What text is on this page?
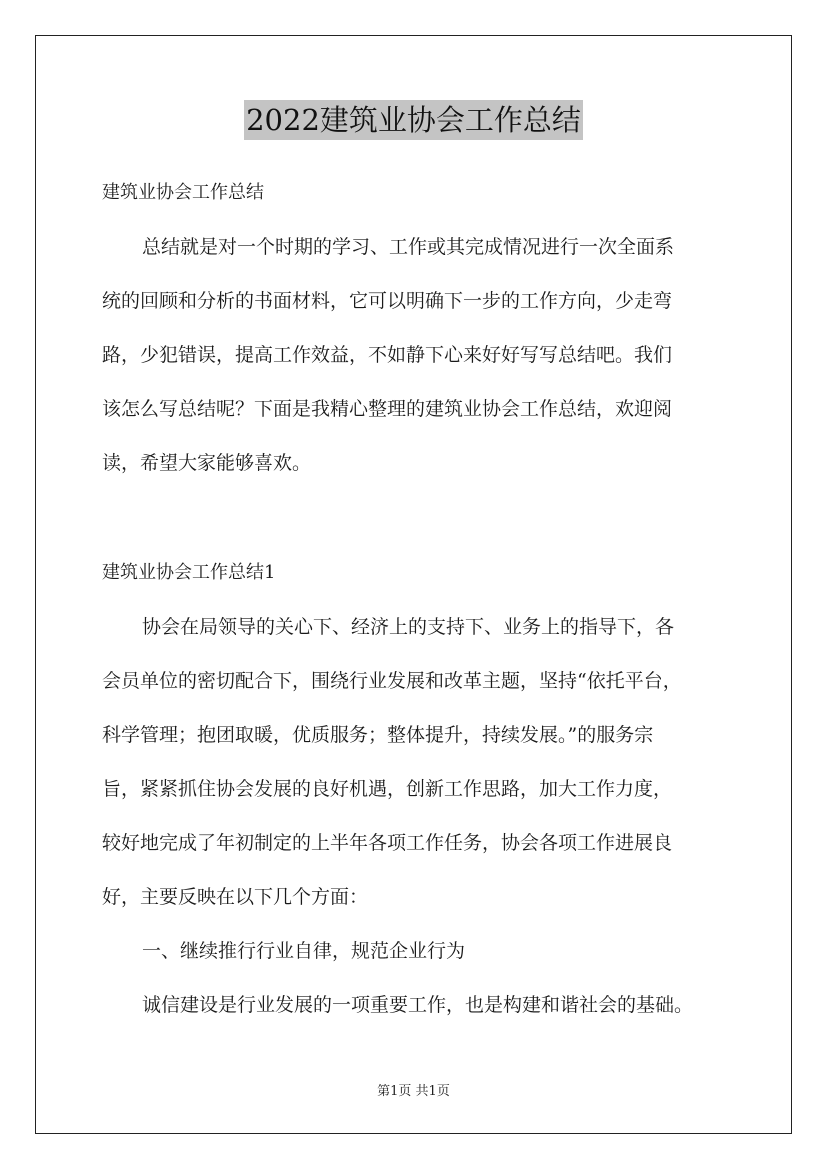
2022建筑业协会工作总结

建筑业协会工作总结

总结就是对一个时期的学习、工作或其完成情况进行一次全面系
统的回顾和分析的书面材料，它可以明确下一步的工作方向，少走弯
路，少犯错误，提高工作效益，不如静下心来好好写写总结吧。我们
该怎么写总结呢？下面是我精心整理的建筑业协会工作总结，欢迎阅
读，希望大家能够喜欢。

建筑业协会工作总结1

协会在局领导的关心下、经济上的支持下、业务上的指导下，各
会员单位的密切配合下，围绕行业发展和改革主题，坚持“依托平台，
科学管理；抱团取暖，优质服务；整体提升，持续发展。”的服务宗
旨，紧紧抓住协会发展的良好机遇，创新工作思路，加大工作力度，
较好地完成了年初制定的上半年各项工作任务，协会各项工作进展良
好，主要反映在以下几个方面：
一、继续推行行业自律，规范企业行为
诚信建设是行业发展的一项重要工作，也是构建和谐社会的基础。
第1页 共1页
